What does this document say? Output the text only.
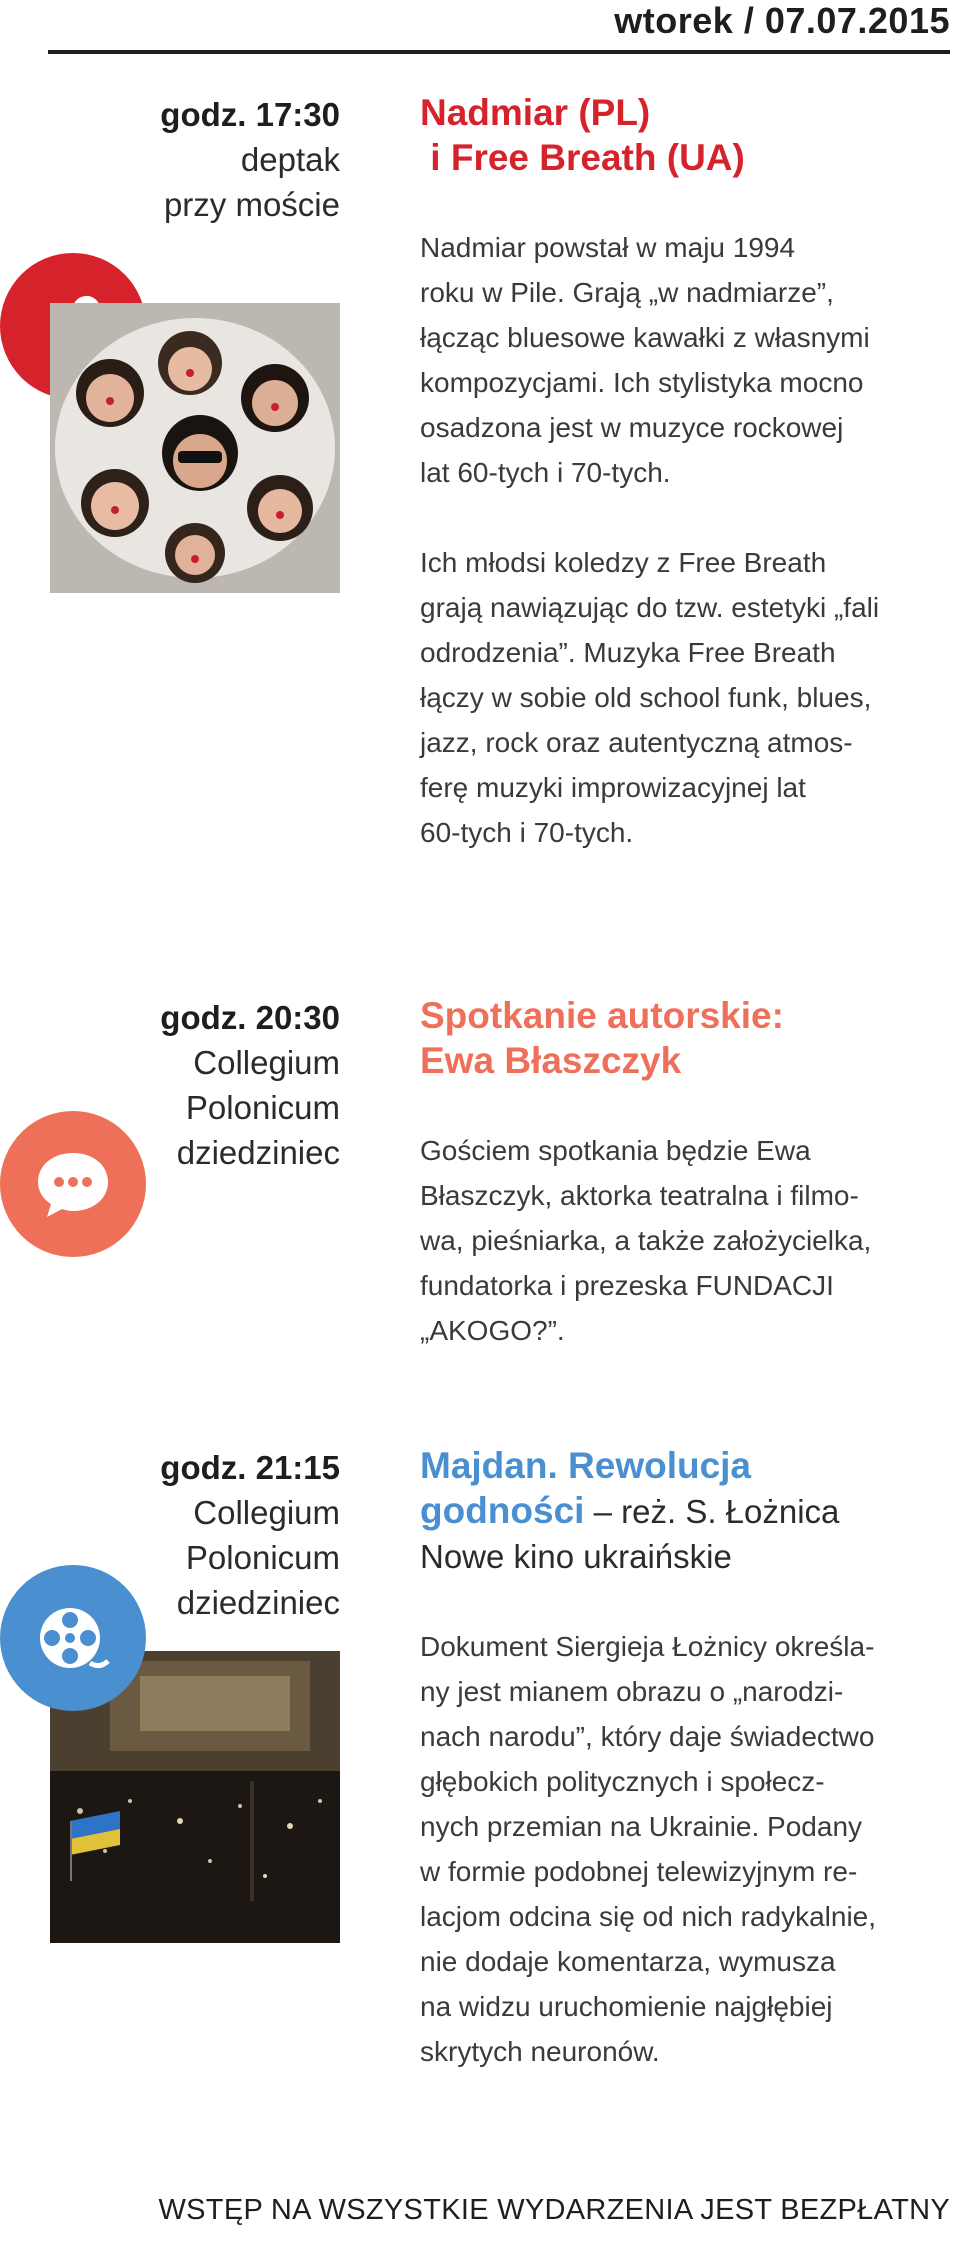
wtorek / 07.07.2015
godz. 17:30
deptak
przy moście
Nadmiar (PL)
i Free Breath (UA)
Nadmiar powstał w maju 1994
roku w Pile. Grają „w nadmiarze”,
łącząc bluesowe kawałki z własnymi
kompozycjami. Ich stylistyka mocno
osadzona jest w muzyce rockowej
lat 60-tych i 70-tych.
Ich młodsi koledzy z Free Breath
grają nawiązując do tzw. estetyki „fali
odrodzenia”. Muzyka Free Breath
łączy w sobie old school funk, blues,
jazz, rock oraz autentyczną atmos-
ferę muzyki improwizacyjnej lat
60-tych i 70-tych.
godz. 20:30
Collegium
Polonicum
dziedziniec
Spotkanie autorskie:
Ewa Błaszczyk
Gościem spotkania będzie Ewa
Błaszczyk, aktorka teatralna i filmo-
wa, pieśniarka, a także założycielka,
fundatorka i prezeska FUNDACJI
„AKOGO?”.
godz. 21:15
Collegium
Polonicum
dziedziniec
Majdan. Rewolucja
godności – reż. S. Łożnica
Nowe kino ukraińskie
Dokument Siergieja Łożnicy określa-
ny jest mianem obrazu o „narodzi-
nach narodu”, który daje świadectwo
głębokich politycznych i społecz-
nych przemian na Ukrainie. Podany
w formie podobnej telewizyjnym re-
lacjom odcina się od nich radykalnie,
nie dodaje komentarza, wymusza
na widzu uruchomienie najgłębiej
skrytych neuronów.
WSTĘP NA WSZYSTKIE WYDARZENIA JEST BEZPŁATNY
